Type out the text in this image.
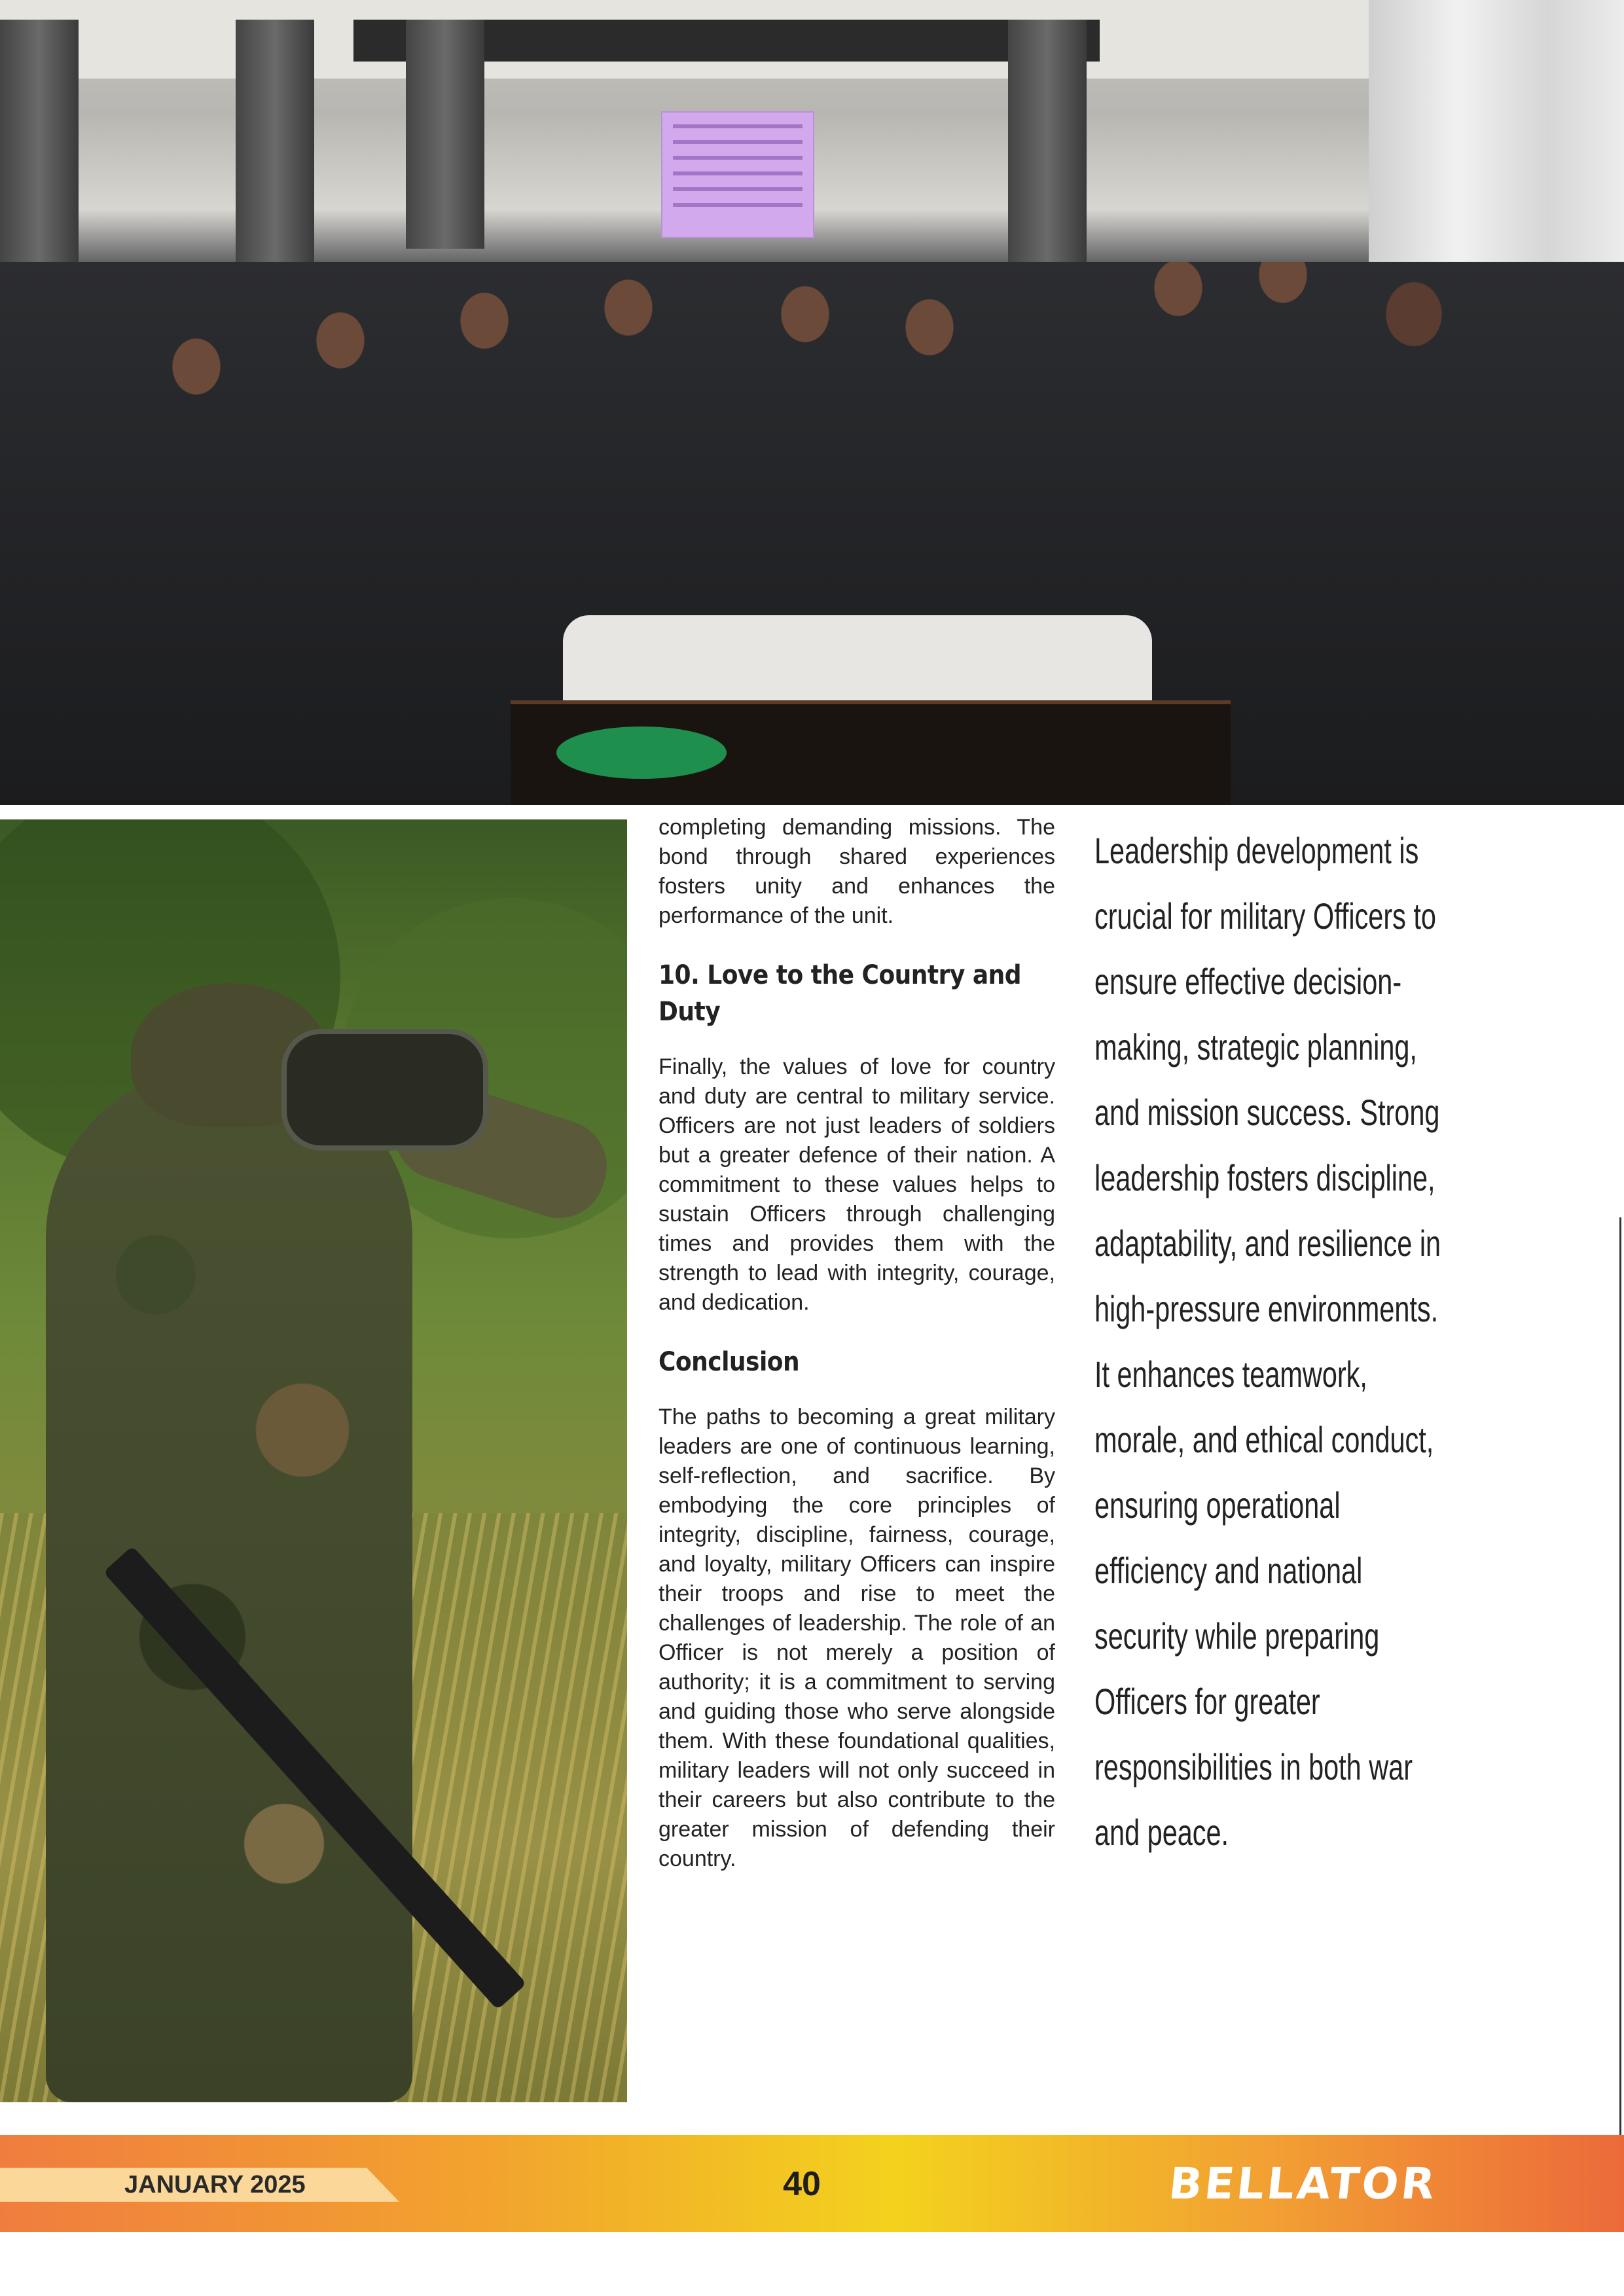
completing demanding missions. The bond through shared experiences fosters unity and enhances the performance of the unit.

10. Love to the Country and Duty

Finally, the values of love for country and duty are central to military service. Officers are not just leaders of soldiers but a greater defence of their nation. A commitment to these values helps to sustain Officers through challenging times and provides them with the strength to lead with integrity, courage, and dedication.

Conclusion

The paths to becoming a great military leaders are one of continuous learning, self-reflection, and sacrifice. By embodying the core principles of integrity, discipline, fairness, courage, and loyalty, military Officers can inspire their troops and rise to meet the challenges of leadership. The role of an Officer is not merely a position of authority; it is a commitment to serving and guiding those who serve alongside them. With these foundational qualities, military leaders will not only succeed in their careers but also contribute to the greater mission of defending their country.

Leadership development is crucial for military Officers to ensure effective decision-making, strategic planning, and mission success. Strong leadership fosters discipline, adaptability, and resilience in high-pressure environments. It enhances teamwork, morale, and ethical conduct, ensuring operational efficiency and national security while preparing Officers for greater responsibilities in both war and peace.

JANUARY 2025	40	BELLATOR
